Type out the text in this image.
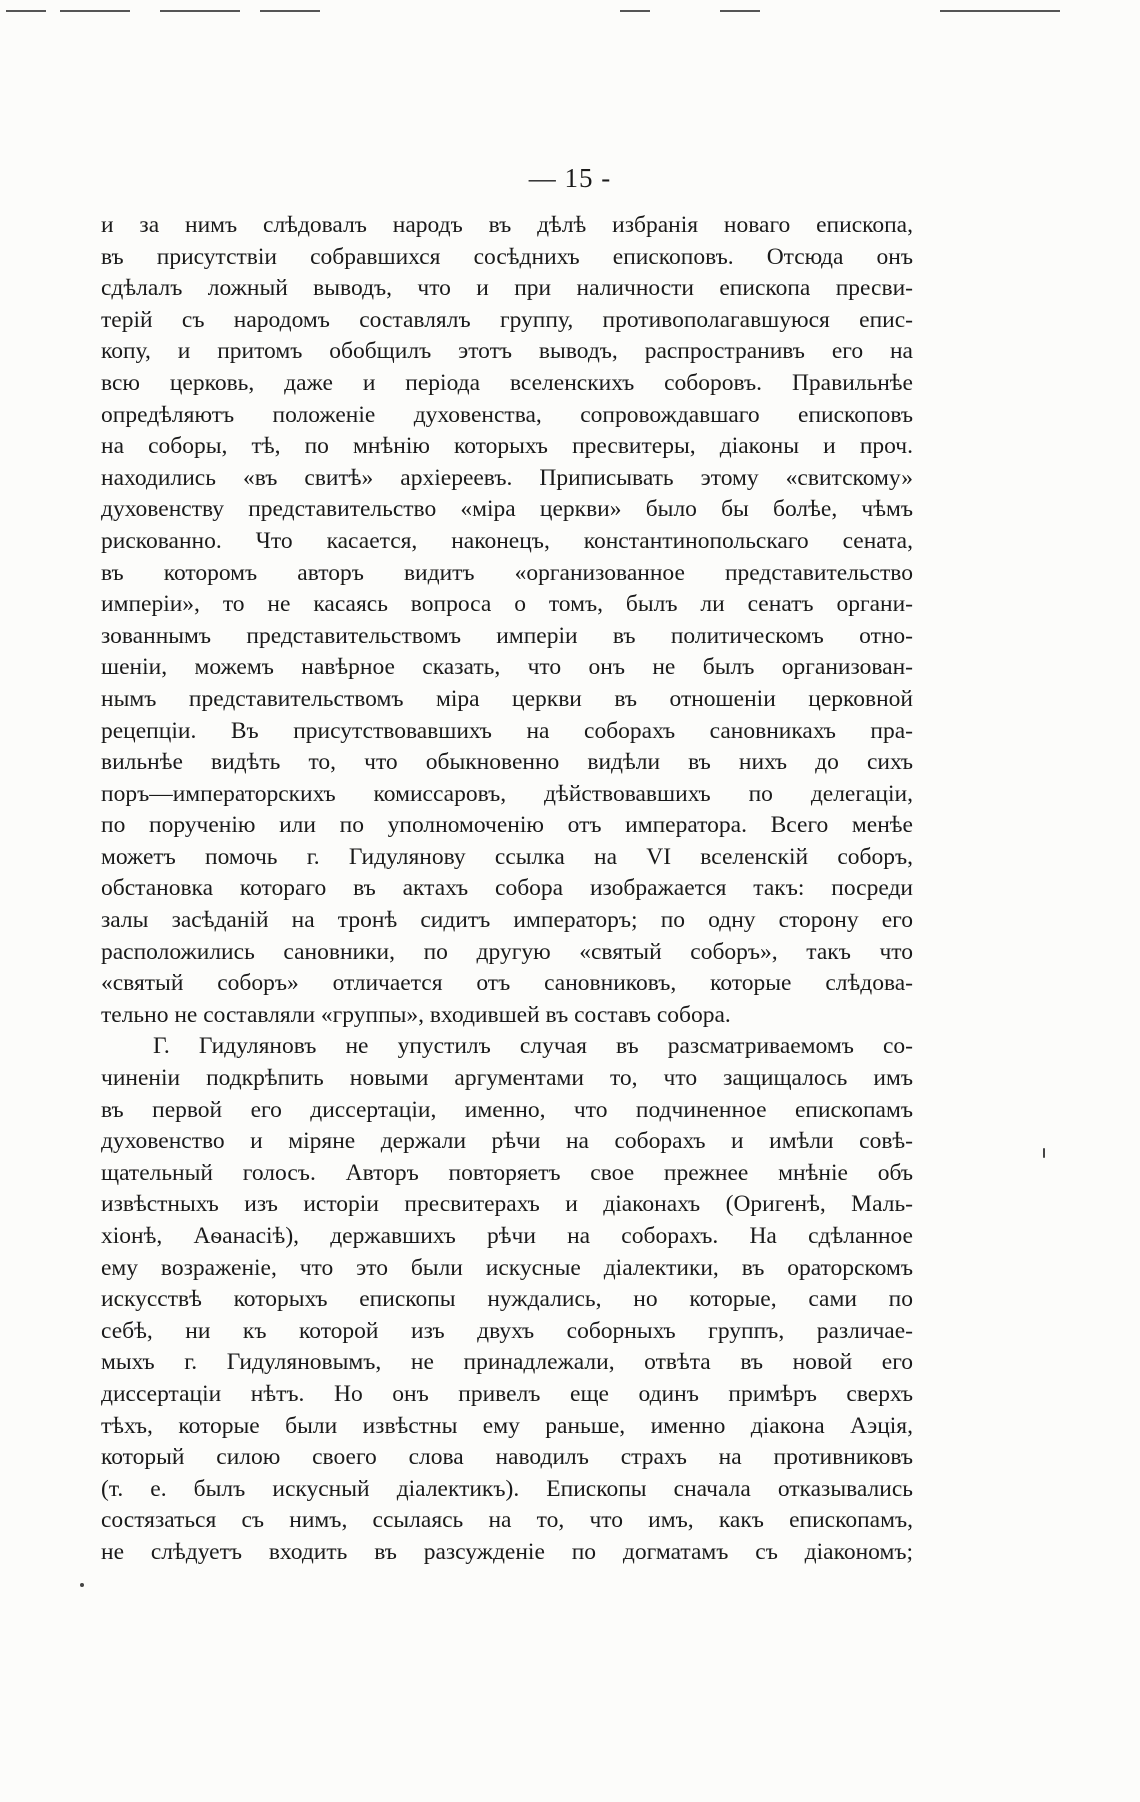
— 15 -
и за нимъ слѣдовалъ народъ въ дѣлѣ избранія новаго епископа,
въ присутствіи собравшихся сосѣднихъ епископовъ. Отсюда онъ
сдѣлалъ ложный выводъ, что и при наличности епископа пресви-
терій съ народомъ составлялъ группу, противополагавшуюся епис-
копу, и притомъ обобщилъ этотъ выводъ, распространивъ его на
всю церковь, даже и періода вселенскихъ соборовъ. Правильнѣе
опредѣляютъ положеніе духовенства, сопровождавшаго епископовъ
на соборы, тѣ, по мнѣнію которыхъ пресвитеры, діаконы и проч.
находились «въ свитѣ» архіереевъ. Приписывать этому «свитскому»
духовенству представительство «міра церкви» было бы болѣе, чѣмъ
рискованно. Что касается, наконецъ, константинопольскаго сената,
въ которомъ авторъ видитъ «организованное представительство
имперіи», то не касаясь вопроса о томъ, былъ ли сенатъ органи-
зованнымъ представительствомъ имперіи въ политическомъ отно-
шеніи, можемъ навѣрное сказать, что онъ не былъ организован-
нымъ представительствомъ міра церкви въ отношеніи церковной
рецепціи. Въ присутствовавшихъ на соборахъ сановникахъ пра-
вильнѣе видѣть то, что обыкновенно видѣли въ нихъ до сихъ
поръ—императорскихъ комиссаровъ, дѣйствовавшихъ по делегаціи,
по порученію или по уполномоченію отъ императора. Всего менѣе
можетъ помочь г. Гидулянову ссылка на VI вселенскій соборъ,
обстановка котораго въ актахъ собора изображается такъ: посреди
залы засѣданій на тронѣ сидитъ императоръ; по одну сторону его
расположились сановники, по другую «святый соборъ», такъ что
«святый соборъ» отличается отъ сановниковъ, которые слѣдова-
тельно не составляли «группы», входившей въ составъ собора.
Г. Гидуляновъ не упустилъ случая въ разсматриваемомъ со-
чиненіи подкрѣпить новыми аргументами то, что защищалось имъ
въ первой его диссертаціи, именно, что подчиненное епископамъ
духовенство и міряне держали рѣчи на соборахъ и имѣли совѣ-
щательный голосъ. Авторъ повторяетъ свое прежнее мнѣніе объ
извѣстныхъ изъ исторіи пресвитерахъ и діаконахъ (Оригенѣ, Маль-
хіонѣ, Аѳанасіѣ), державшихъ рѣчи на соборахъ. На сдѣланное
ему возраженіе, что это были искусные діалектики, въ ораторскомъ
искусствѣ которыхъ епископы нуждались, но которые, сами по
себѣ, ни къ которой изъ двухъ соборныхъ группъ, различае-
мыхъ г. Гидуляновымъ, не принадлежали, отвѣта въ новой его
диссертаціи нѣтъ. Но онъ привелъ еще одинъ примѣръ сверхъ
тѣхъ, которые были извѣстны ему раньше, именно діакона Аэція,
который силою своего слова наводилъ страхъ на противниковъ
(т. е. былъ искусный діалектикъ). Епископы сначала отказывались
состязаться съ нимъ, ссылаясь на то, что имъ, какъ епископамъ,
не слѣдуетъ входить въ разсужденіе по догматамъ съ діакономъ;
